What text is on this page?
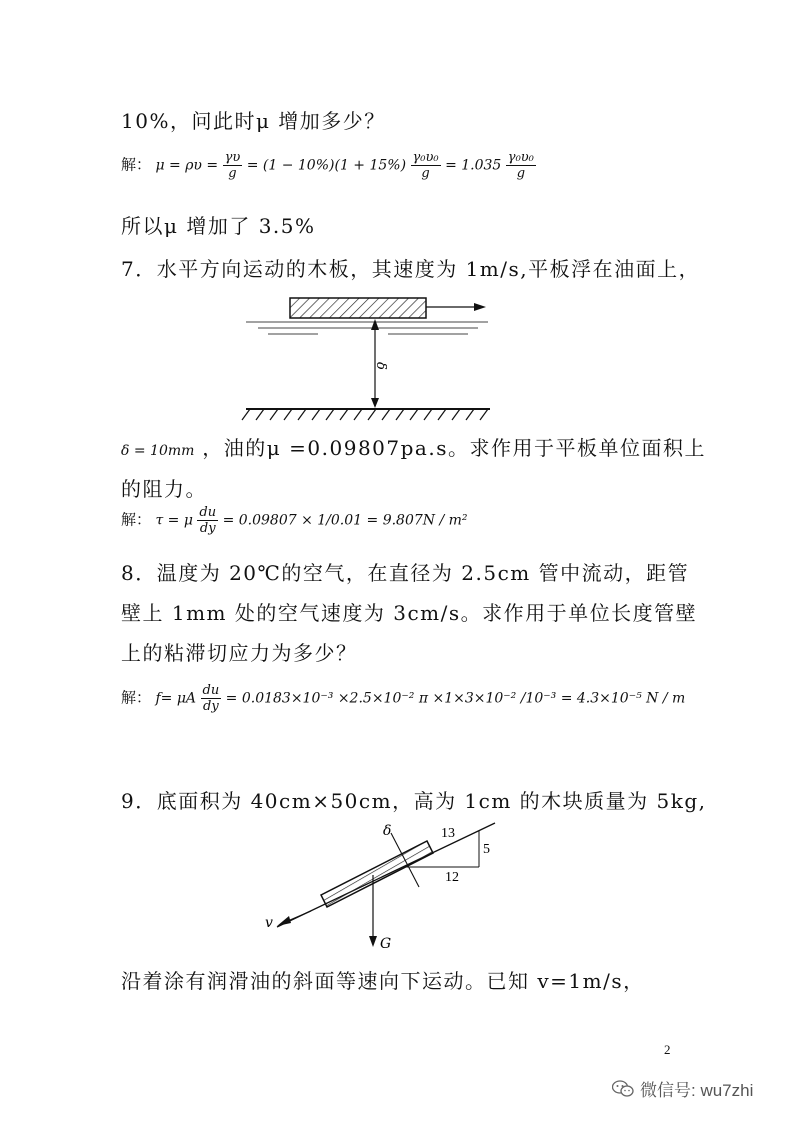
10%，问此时μ 增加多少？
解： $\mu = \rho\upsilon = \frac{\gamma\upsilon}{g} = (1 - 10\%)(1 + 15\%) \frac{\text{γ₀υ₀}}{g} = 1.035 \frac{\text{γ₀υ₀}}{g}$
所以μ 增加了 3.5%
7．水平方向运动的木板，其速度为 1m/s,平板浮在油面上，
δ
δ = 10mm ，油的μ =0.09807pa.s。求作用于平板单位面积上
的阻力。
解： τ = μ $\frac{du}{dy} = 0.09807 \times 1/0.01 = 9.807N / m^2$
8．温度为 20℃的空气，在直径为 2.5cm 管中流动，距管
壁上 1mm 处的空气速度为 3cm/s。求作用于单位长度管壁
上的粘滞切应力为多少？
解： f= μA $\frac{du}{dy} = 0.0183\times 10^{-3} \times 2.5\times 10^{-2}$ π ×1×3×10⁻² /10⁻³ = 4.3×10⁻⁵ N / m
9．底面积为 40cm×50cm，高为 1cm 的木块质量为 5kg,
13
5
12
δ
v
G
沿着涂有润滑油的斜面等速向下运动。已知 v=1m/s，
2
微信号: wu7zhi
